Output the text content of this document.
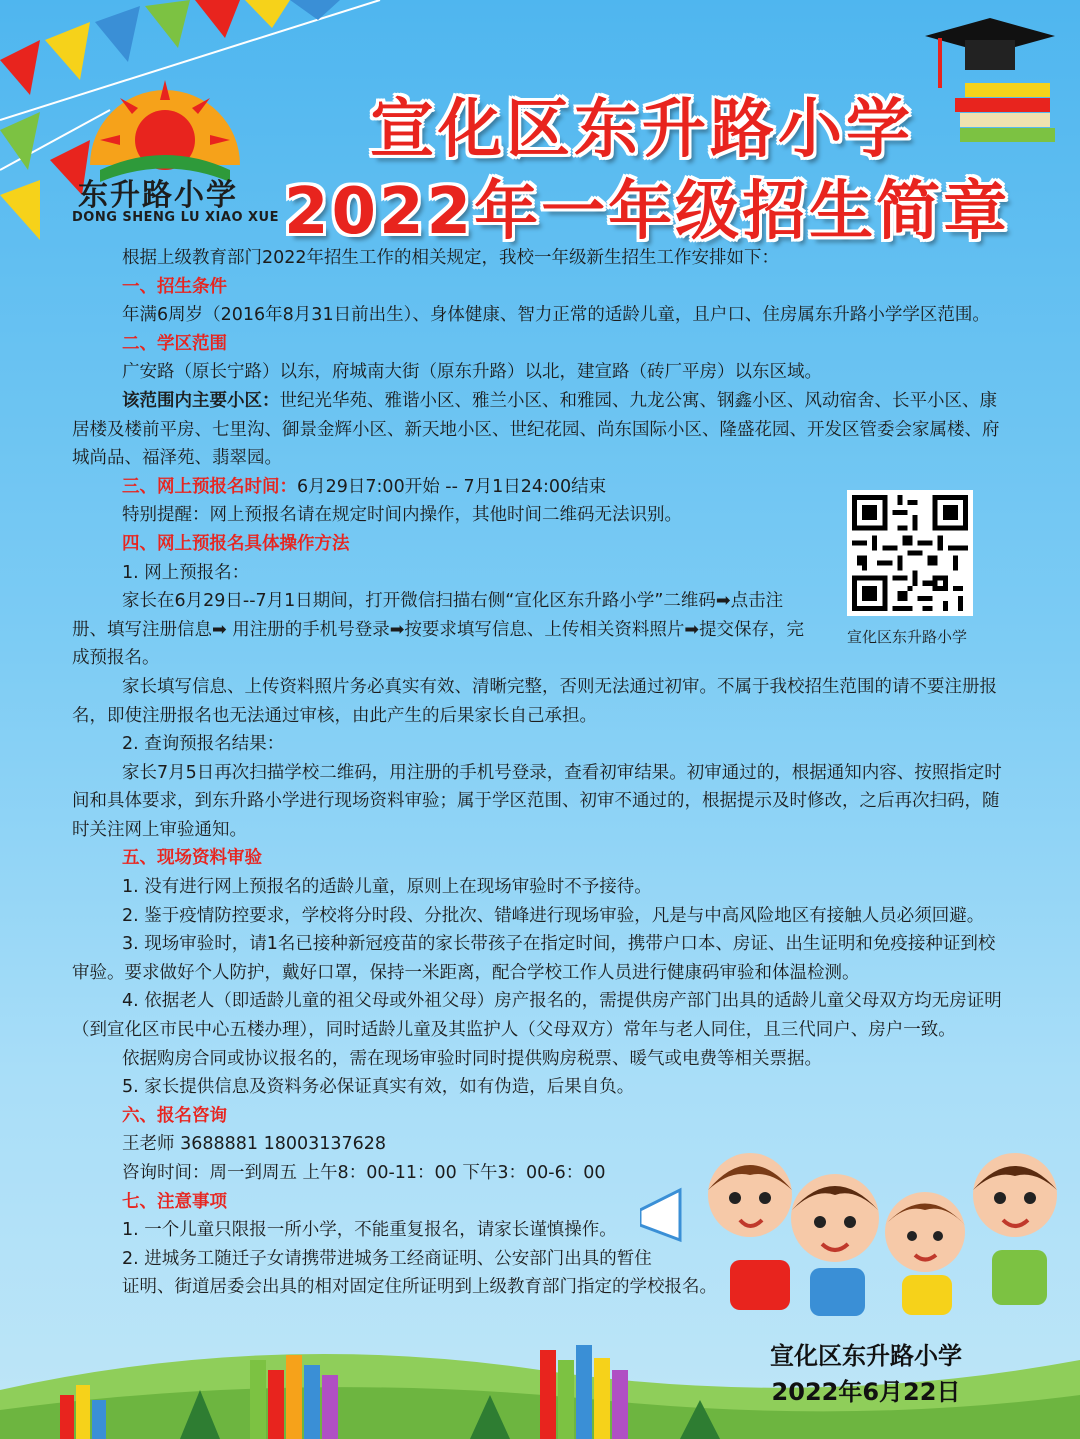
东升路小学
DONG SHENG LU XIAO XUE
宣化区东升路小学
2022年一年级招生简章

根据上级教育部门2022年招生工作的相关规定，我校一年级新生招生工作安排如下：

一、招生条件

年满6周岁（2016年8月31日前出生）、身体健康、智力正常的适龄儿童，且户口、住房属东升路小学学区范围。

二、学区范围

广安路（原长宁路）以东，府城南大街（原东升路）以北，建宣路（砖厂平房）以东区域。

该范围内主要小区：世纪光华苑、雅谐小区、雅兰小区、和雅园、九龙公寓、钢鑫小区、风动宿舍、长平小区、康居楼及楼前平房、七里沟、御景金辉小区、新天地小区、世纪花园、尚东国际小区、隆盛花园、开发区管委会家属楼、府城尚品、福泽苑、翡翠园。

三、网上预报名时间：6月29日7:00开始 -- 7月1日24:00结束

特别提醒：网上预报名请在规定时间内操作，其他时间二维码无法识别。

四、网上预报名具体操作方法

1. 网上预报名：

家长在6月29日--7月1日期间，打开微信扫描右侧“宣化区东升路小学”二维码➡点击注册、填写注册信息➡ 用注册的手机号登录➡按要求填写信息、上传相关资料照片➡提交保存，完成预报名。

家长填写信息、上传资料照片务必真实有效、清晰完整，否则无法通过初审。不属于我校招生范围的请不要注册报名，即使注册报名也无法通过审核，由此产生的后果家长自己承担。

2. 查询预报名结果：

家长7月5日再次扫描学校二维码，用注册的手机号登录，查看初审结果。初审通过的，根据通知内容、按照指定时间和具体要求，到东升路小学进行现场资料审验；属于学区范围、初审不通过的，根据提示及时修改，之后再次扫码，随时关注网上审验通知。

五、现场资料审验

1. 没有进行网上预报名的适龄儿童，原则上在现场审验时不予接待。

2. 鉴于疫情防控要求，学校将分时段、分批次、错峰进行现场审验，凡是与中高风险地区有接触人员必须回避。

3. 现场审验时，请1名已接种新冠疫苗的家长带孩子在指定时间，携带户口本、房证、出生证明和免疫接种证到校审验。要求做好个人防护，戴好口罩，保持一米距离，配合学校工作人员进行健康码审验和体温检测。

4. 依据老人（即适龄儿童的祖父母或外祖父母）房产报名的，需提供房产部门出具的适龄儿童父母双方均无房证明（到宣化区市民中心五楼办理），同时适龄儿童及其监护人（父母双方）常年与老人同住，且三代同户、房户一致。

依据购房合同或协议报名的，需在现场审验时同时提供购房税票、暖气或电费等相关票据。

5. 家长提供信息及资料务必保证真实有效，如有伪造，后果自负。

六、报名咨询

王老师 3688881 18003137628

咨询时间：周一到周五 上午8：00-11：00 下午3：00-6：00

七、注意事项

1. 一个儿童只限报一所小学，不能重复报名，请家长谨慎操作。

2. 进城务工随迁子女请携带进城务工经商证明、公安部门出具的暂住

证明、街道居委会出具的相对固定住所证明到上级教育部门指定的学校报名。

宣化区东升路小学
宣化区东升路小学
2022年6月22日
